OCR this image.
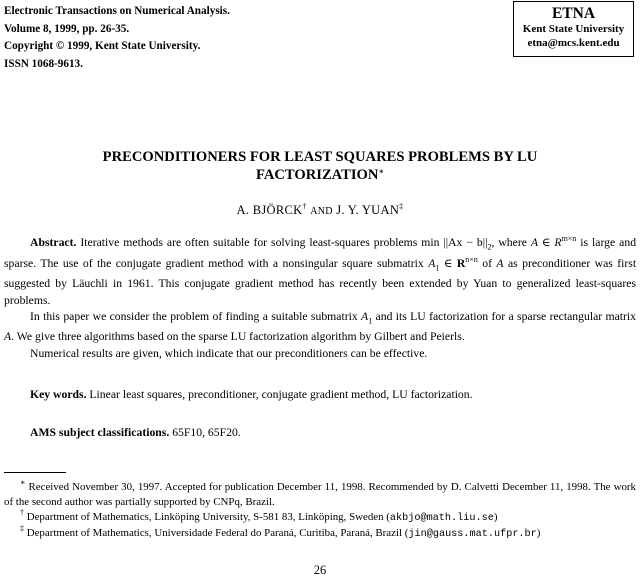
Electronic Transactions on Numerical Analysis.
Volume 8, 1999, pp. 26-35.
Copyright © 1999, Kent State University.
ISSN 1068-9613.
ETNA
Kent State University
etna@mcs.kent.edu
PRECONDITIONERS FOR LEAST SQUARES PROBLEMS BY LU
FACTORIZATION∗
A. BJÖRCK† AND J. Y. YUAN‡

Abstract. Iterative methods are often suitable for solving least-squares problems $\min ||Ax - b||_2$, where A ∈ $R^{m\times n}$ is large and sparse. The use of the conjugate gradient method with a nonsingular square submatrix $A_1$ ∈ $R^{n\times n}$ of A as preconditioner was first suggested by Läuchli in 1961. This conjugate gradient method has recently been extended by Yuan to generalized least-squares problems.

In this paper we consider the problem of finding a suitable submatrix $A_1$ and its LU factorization for a sparse rectangular matrix A. We give three algorithms based on the sparse LU factorization algorithm by Gilbert and Peierls.

Numerical results are given, which indicate that our preconditioners can be effective.

Key words. Linear least squares, preconditioner, conjugate gradient method, LU factorization.
AMS subject classifications. 65F10, 65F20.

∗ Received November 30, 1997. Accepted for publication December 11, 1998. Recommended by D. Calvetti December 11, 1998. The work of the second author was partially supported by CNPq, Brazil.

† Department of Mathematics, Linköping University, S-581 83, Linköping, Sweden (akbjo@math.liu.se)

‡ Department of Mathematics, Universidade Federal do Paraná, Curitiba, Paraná, Brazil (jin@gauss.mat.ufpr.br)

26
